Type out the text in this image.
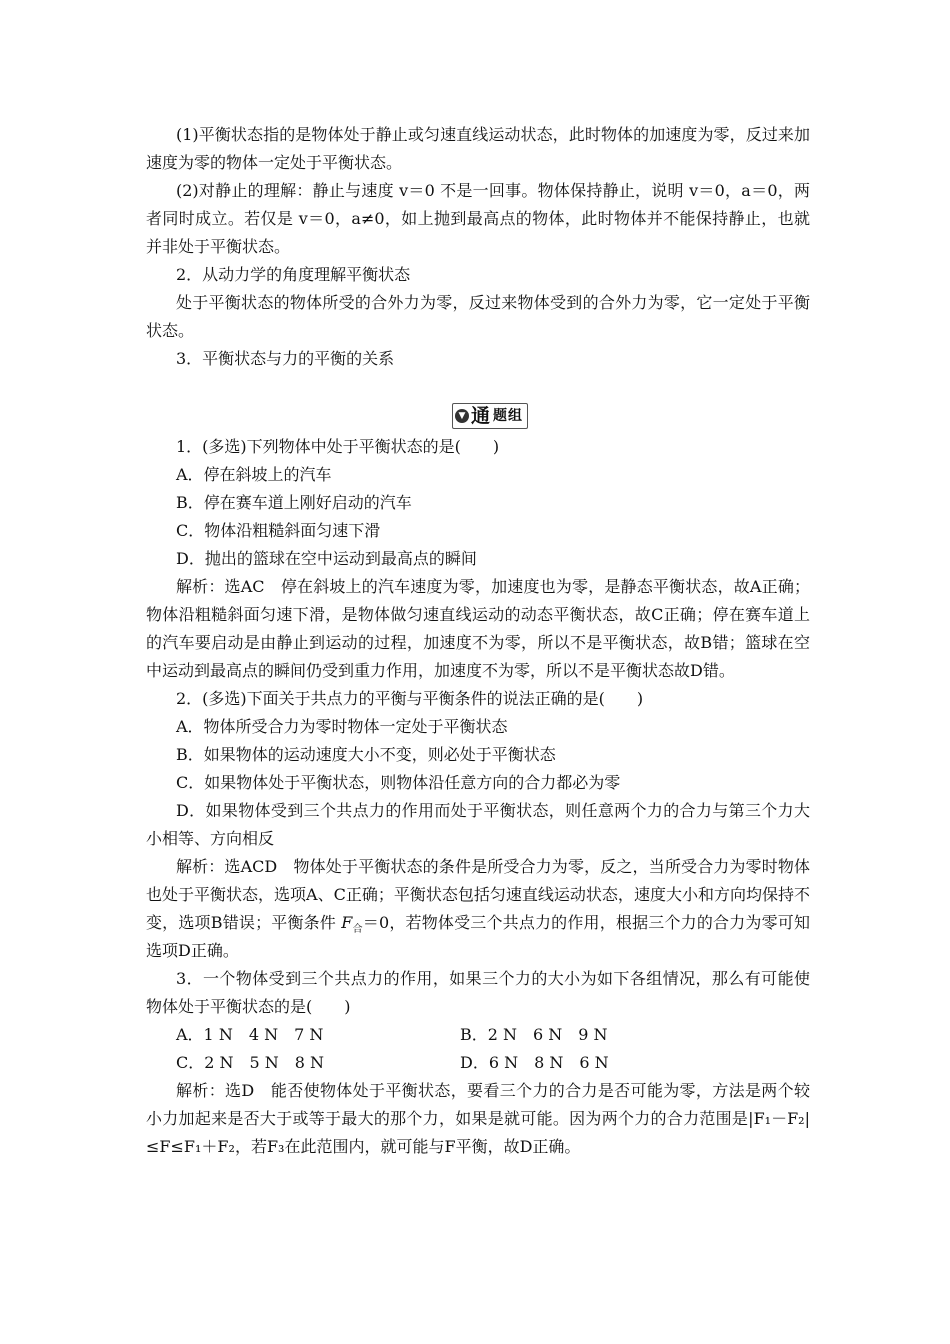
(1)平衡状态指的是物体处于静止或匀速直线运动状态，此时物体的加速度为零，反过来加速度为零的物体一定处于平衡状态。

(2)对静止的理解：静止与速度 v＝0 不是一回事。物体保持静止，说明 v＝0，a＝0，两者同时成立。若仅是 v＝0，a≠0，如上抛到最高点的物体，此时物体并不能保持静止，也就并非处于平衡状态。

2．从动力学的角度理解平衡状态

处于平衡状态的物体所受的合外力为零，反过来物体受到的合外力为零，它一定处于平衡状态。

3．平衡状态与力的平衡的关系

▼ 通 题组

1．(多选)下列物体中处于平衡状态的是(　　)

A．停在斜坡上的汽车

B．停在赛车道上刚好启动的汽车

C．物体沿粗糙斜面匀速下滑

D．抛出的篮球在空中运动到最高点的瞬间

解析：选AC　停在斜坡上的汽车速度为零，加速度也为零，是静态平衡状态，故A正确；物体沿粗糙斜面匀速下滑，是物体做匀速直线运动的动态平衡状态，故C正确；停在赛车道上的汽车要启动是由静止到运动的过程，加速度不为零，所以不是平衡状态，故B错；篮球在空中运动到最高点的瞬间仍受到重力作用，加速度不为零，所以不是平衡状态故D错。

2．(多选)下面关于共点力的平衡与平衡条件的说法正确的是(　　)

A．物体所受合力为零时物体一定处于平衡状态

B．如果物体的运动速度大小不变，则必处于平衡状态

C．如果物体处于平衡状态，则物体沿任意方向的合力都必为零

D．如果物体受到三个共点力的作用而处于平衡状态，则任意两个力的合力与第三个力大小相等、方向相反

解析：选ACD　物体处于平衡状态的条件是所受合力为零，反之，当所受合力为零时物体也处于平衡状态，选项A、C正确；平衡状态包括匀速直线运动状态，速度大小和方向均保持不变，选项B错误；平衡条件 $F_合=0$，若物体受三个共点力的作用，根据三个力的合力为零可知选项D正确。

3．一个物体受到三个共点力的作用，如果三个力的大小为如下各组情况，那么有可能使物体处于平衡状态的是(　　)

A．1 N　4 N　7 N	B．2 N　6 N　9 N
C．2 N　5 N　8 N	D．6 N　8 N　6 N

解析：选D　能否使物体处于平衡状态，要看三个力的合力是否可能为零，方法是两个较小力加起来是否大于或等于最大的那个力，如果是就可能。因为两个力的合力范围是|F₁－F₂|≤F≤F₁＋F₂，若F₃在此范围内，就可能与F平衡，故D正确。
